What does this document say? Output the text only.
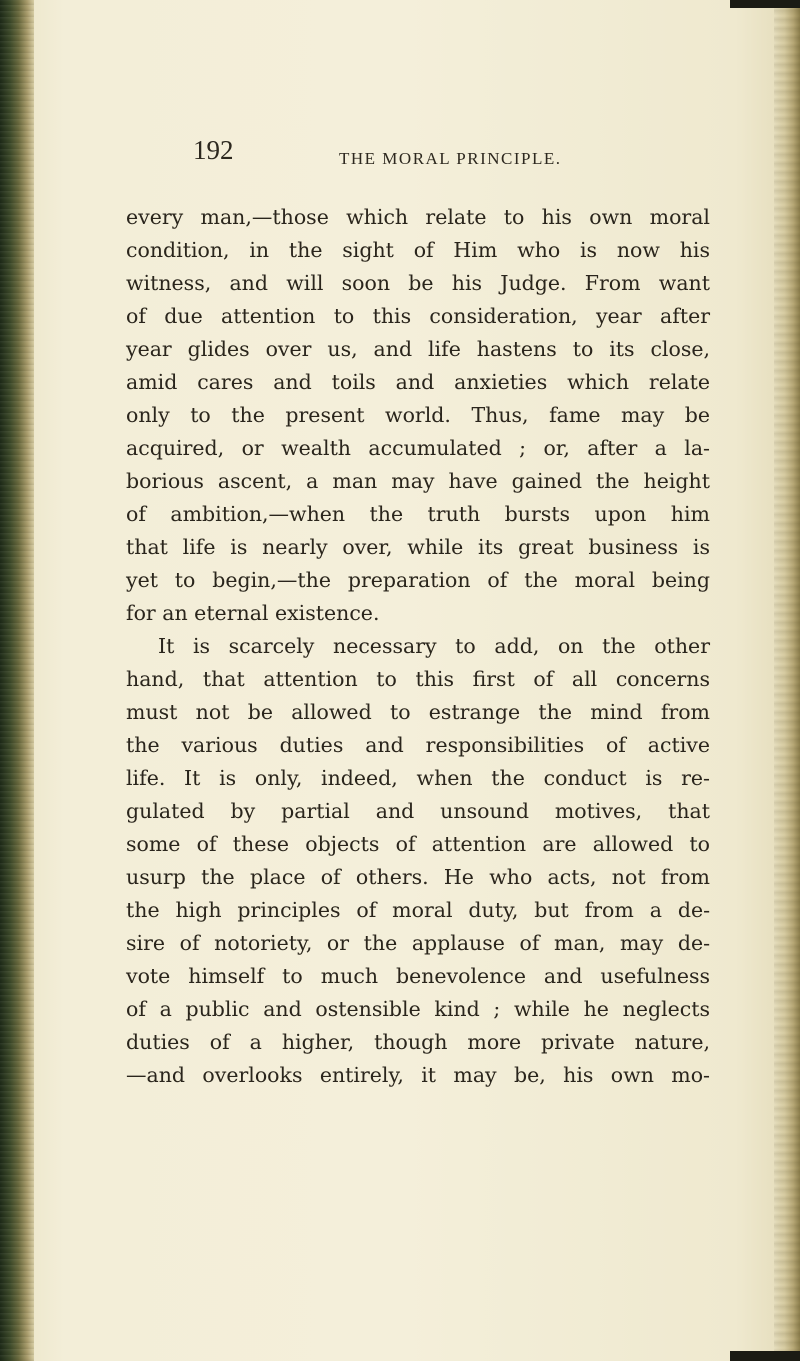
192	THE MORAL PRINCIPLE.
every man,—those which relate to his own moral
condition, in the sight of Him who is now his
witness, and will soon be his Judge. From want
of due attention to this consideration, year after
year glides over us, and life hastens to its close,
amid cares and toils and anxieties which relate
only to the present world. Thus, fame may be
acquired, or wealth accumulated ; or, after a la-
borious ascent, a man may have gained the height
of ambition,—when the truth bursts upon him
that life is nearly over, while its great business is
yet to begin,—the preparation of the moral being
for an eternal existence.
It is scarcely necessary to add, on the other
hand, that attention to this first of all concerns
must not be allowed to estrange the mind from
the various duties and responsibilities of active
life. It is only, indeed, when the conduct is re-
gulated by partial and unsound motives, that
some of these objects of attention are allowed to
usurp the place of others. He who acts, not from
the high principles of moral duty, but from a de-
sire of notoriety, or the applause of man, may de-
vote himself to much benevolence and usefulness
of a public and ostensible kind ; while he neglects
duties of a higher, though more private nature,
—and overlooks entirely, it may be, his own mo-
